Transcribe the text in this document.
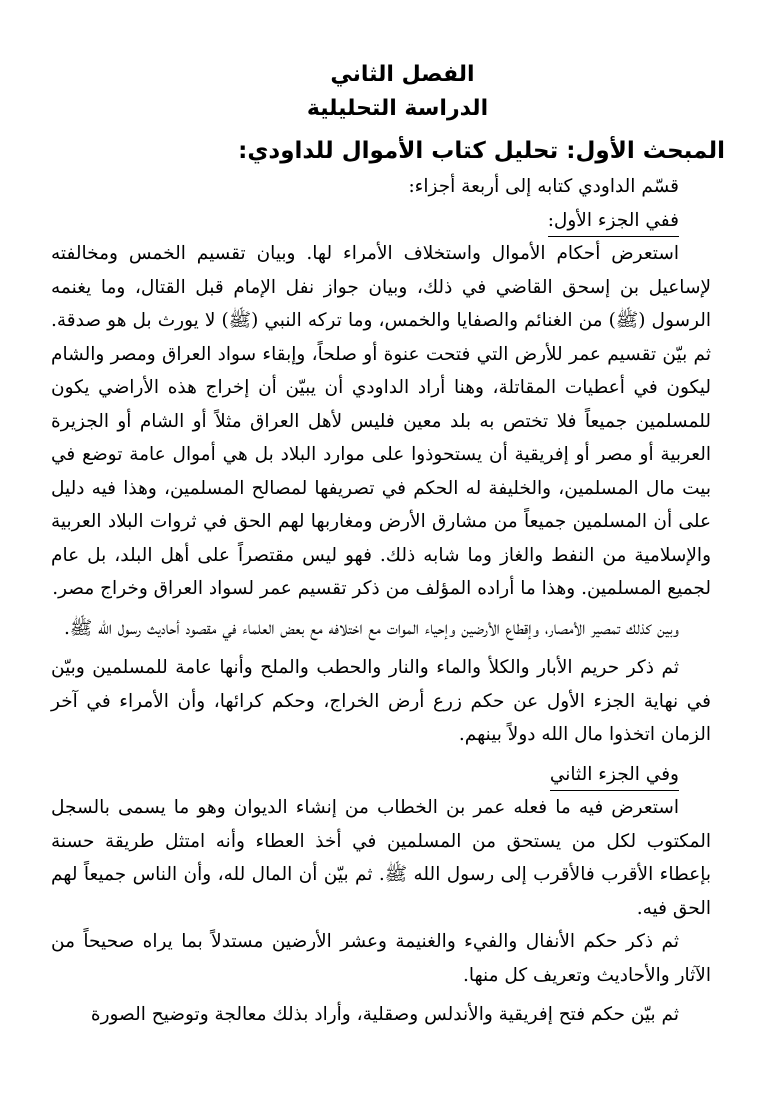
الفصل الثاني
الدراسة التحليلية
المبحث الأول: تحليل كتاب الأموال للداودي:

قسّم الداودي كتابه إلى أربعة أجزاء:

ففي الجزء الأول:

استعرض أحكام الأموال واستخلاف الأمراء لها. وبيان تقسيم الخمس ومخالفته لإساعيل بن إسحق القاضي في ذلك، وبيان جواز نفل الإمام قبل القتال، وما يغنمه الرسول (ﷺ) من الغنائم والصفايا والخمس، وما تركه النبي (ﷺ) لا يورث بل هو صدقة. ثم بيّن تقسيم عمر للأرض التي فتحت عنوة أو صلحاً، وإبقاء سواد العراق ومصر والشام ليكون في أعطيات المقاتلة، وهنا أراد الداودي أن يبيّن أن إخراج هذه الأراضي يكون للمسلمين جميعاً فلا تختص به بلد معين فليس لأهل العراق مثلاً أو الشام أو الجزيرة العربية أو مصر أو إفريقية أن يستحوذوا على موارد البلاد بل هي أموال عامة توضع في بيت مال المسلمين، والخليفة له الحكم في تصريفها لمصالح المسلمين، وهذا فيه دليل على أن المسلمين جميعاً من مشارق الأرض ومغاربها لهم الحق في ثروات البلاد العربية والإسلامية من النفط والغاز وما شابه ذلك. فهو ليس مقتصراً على أهل البلد، بل عام لجميع المسلمين. وهذا ما أراده المؤلف من ذكر تقسيم عمر لسواد العراق وخراج مصر.

وبين كذلك تمصير الأمصار، وإقطاع الأرضين وإحياء الموات مع اختلافه مع بعض العلماء في مقصود أحاديث رسول الله ﷺ.

ثم ذكر حريم الأبار والكلأ والماء والنار والحطب والملح وأنها عامة للمسلمين وبيّن في نهاية الجزء الأول عن حكم زرع أرض الخراج، وحكم كرائها، وأن الأمراء في آخر الزمان اتخذوا مال الله دولاً بينهم.

وفي الجزء الثاني

استعرض فيه ما فعله عمر بن الخطاب من إنشاء الديوان وهو ما يسمى بالسجل المكتوب لكل من يستحق من المسلمين في أخذ العطاء وأنه امتثل طريقة حسنة بإعطاء الأقرب فالأقرب إلى رسول الله ﷺ. ثم بيّن أن المال لله، وأن الناس جميعاً لهم الحق فيه.

ثم ذكر حكم الأنفال والفيء والغنيمة وعشر الأرضين مستدلاً بما يراه صحيحاً من الآثار والأحاديث وتعريف كل منها.

ثم بيّن حكم فتح إفريقية والأندلس وصقلية، وأراد بذلك معالجة وتوضيح الصورة
